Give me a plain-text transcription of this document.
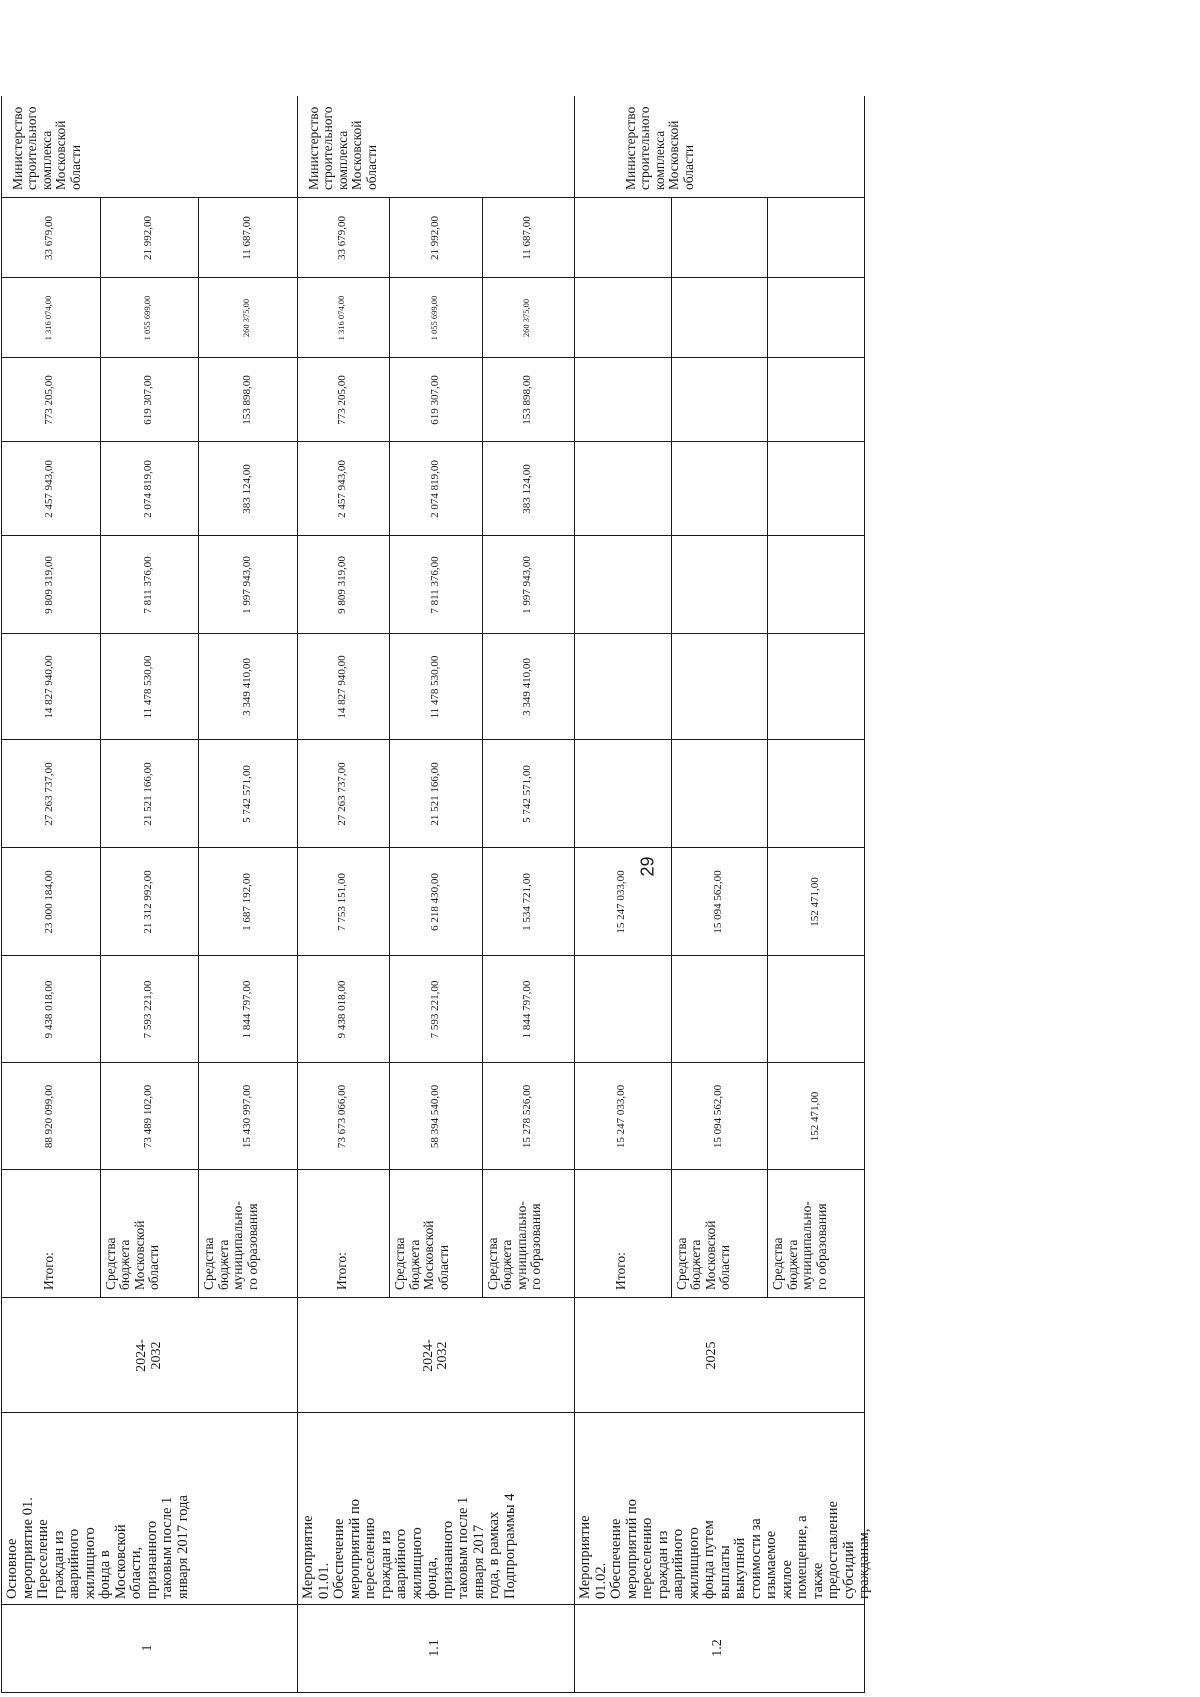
29
1
Основное
мероприятие 01.
Переселение
граждан из
аварийного
жилищного
фонда в
Московской
области,
признанного
таковым после 1
января 2017 года
2024-
2032
Министерство
строительного
комплекса
Московской
области
Итого:
88 920 099,00
9 438 018,00
23 000 184,00
27 263 737,00
14 827 940,00
9 809 319,00
2 457 943,00
773 205,00
1 316 074,00
33 679,00
Средства
бюджета
Московской
области
73 489 102,00
7 593 221,00
21 312 992,00
21 521 166,00
11 478 530,00
7 811 376,00
2 074 819,00
619 307,00
1 055 699,00
21 992,00
Средства
бюджета
муниципально-
го образования
15 430 997,00
1 844 797,00
1 687 192,00
5 742 571,00
3 349 410,00
1 997 943,00
383 124,00
153 898,00
260 375,00
11 687,00
1.1
Мероприятие
01.01.
Обеспечение
мероприятий по
переселению
граждан из
аварийного
жилищного
фонда,
признанного
таковым после 1
января 2017
года, в рамках
Подпрограммы 4
2024-
2032
Министерство
строительного
комплекса
Московской
области
Итого:
73 673 066,00
9 438 018,00
7 753 151,00
27 263 737,00
14 827 940,00
9 809 319,00
2 457 943,00
773 205,00
1 316 074,00
33 679,00
Средства
бюджета
Московской
области
58 394 540,00
7 593 221,00
6 218 430,00
21 521 166,00
11 478 530,00
7 811 376,00
2 074 819,00
619 307,00
1 055 699,00
21 992,00
Средства
бюджета
муниципально-
го образования
15 278 526,00
1 844 797,00
1 534 721,00
5 742 571,00
3 349 410,00
1 997 943,00
383 124,00
153 898,00
260 375,00
11 687,00
1.2
Мероприятие
01.02.
Обеспечение
мероприятий по
переселению
граждан из
аварийного
жилищного
фонда путем
выплаты
выкупной
стоимости за
изымаемое
жилое
помещение, а
также
предоставление
субсидий
гражданам,
2025
Министерство
строительного
комплекса
Московской
области
Итого:
15 247 033,00
15 247 033,00
Средства
бюджета
Московской
области
15 094 562,00
15 094 562,00
Средства
бюджета
муниципально-
го образования
152 471,00
152 471,00
